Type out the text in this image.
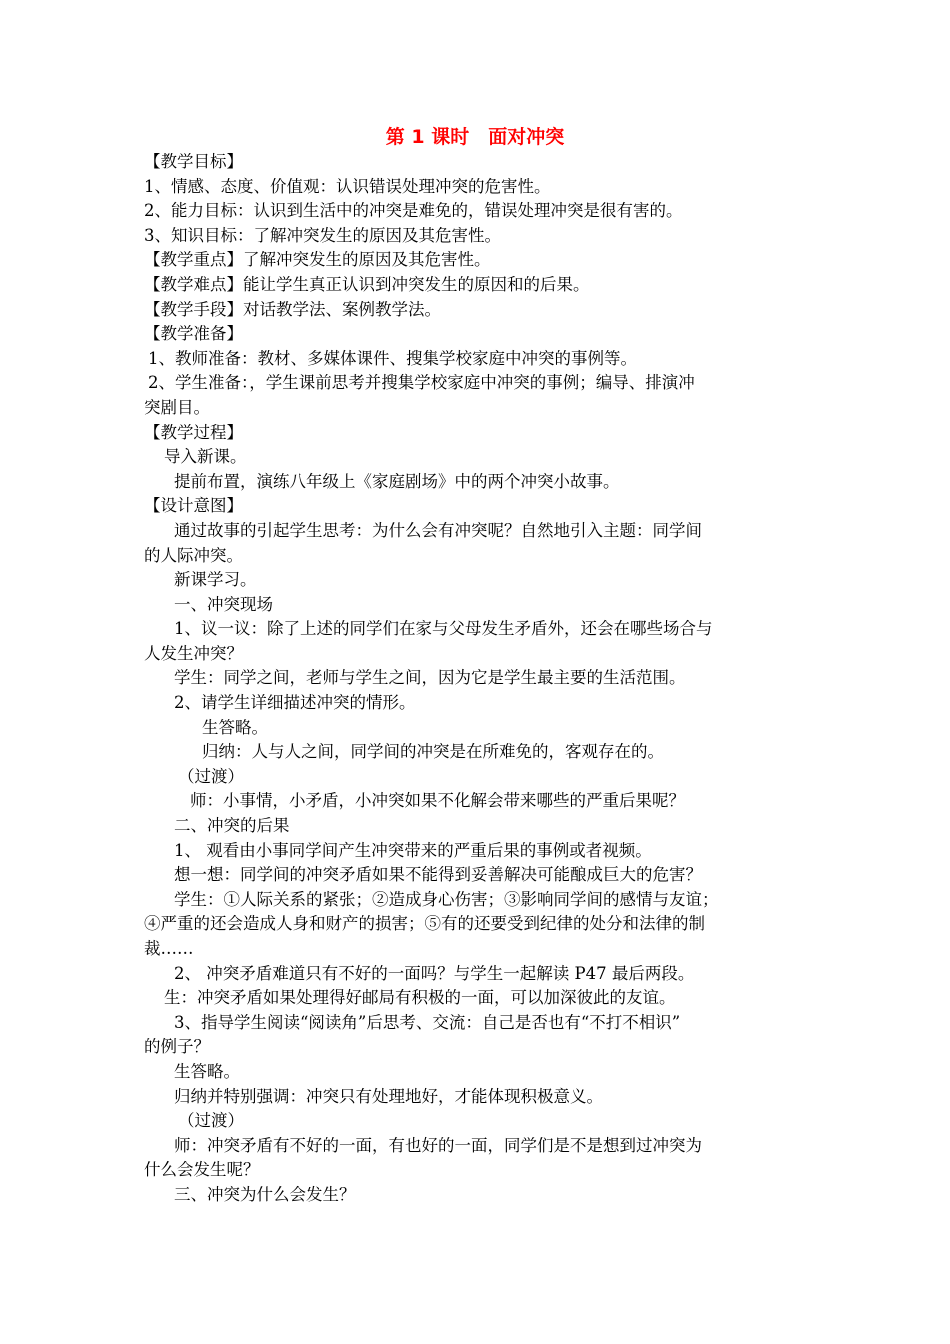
第 1 课时　面对冲突
【教学目标】
1、情感、态度、价值观：认识错误处理冲突的危害性。
2、能力目标：认识到生活中的冲突是难免的，错误处理冲突是很有害的。
3、知识目标：了解冲突发生的原因及其危害性。
【教学重点】了解冲突发生的原因及其危害性。
【教学难点】能让学生真正认识到冲突发生的原因和的后果。
【教学手段】对话教学法、案例教学法。
【教学准备】
1、教师准备：教材、多媒体课件、搜集学校家庭中冲突的事例等。
2、学生准备：，学生课前思考并搜集学校家庭中冲突的事例；编导、排演冲
突剧目。
【教学过程】
导入新课。
提前布置，演练八年级上《家庭剧场》中的两个冲突小故事。
【设计意图】
通过故事的引起学生思考：为什么会有冲突呢？自然地引入主题：同学间
的人际冲突。
新课学习。
一、冲突现场
1、议一议：除了上述的同学们在家与父母发生矛盾外，还会在哪些场合与
人发生冲突？
学生：同学之间，老师与学生之间，因为它是学生最主要的生活范围。
2、请学生详细描述冲突的情形。
生答略。
归纳：人与人之间，同学间的冲突是在所难免的，客观存在的。
（过渡）
师：小事情，小矛盾，小冲突如果不化解会带来哪些的严重后果呢？
二、冲突的后果
1、 观看由小事同学间产生冲突带来的严重后果的事例或者视频。
想一想：同学间的冲突矛盾如果不能得到妥善解决可能酿成巨大的危害？
学生：①人际关系的紧张；②造成身心伤害；③影响同学间的感情与友谊；
④严重的还会造成人身和财产的损害；⑤有的还要受到纪律的处分和法律的制
裁……
2、 冲突矛盾难道只有不好的一面吗？与学生一起解读 P47 最后两段。
生：冲突矛盾如果处理得好邮局有积极的一面，可以加深彼此的友谊。
3、指导学生阅读“阅读角”后思考、交流：自己是否也有“不打不相识”
的例子？
生答略。
归纳并特别强调：冲突只有处理地好，才能体现积极意义。
（过渡）
师：冲突矛盾有不好的一面，有也好的一面，同学们是不是想到过冲突为
什么会发生呢？
三、冲突为什么会发生？
